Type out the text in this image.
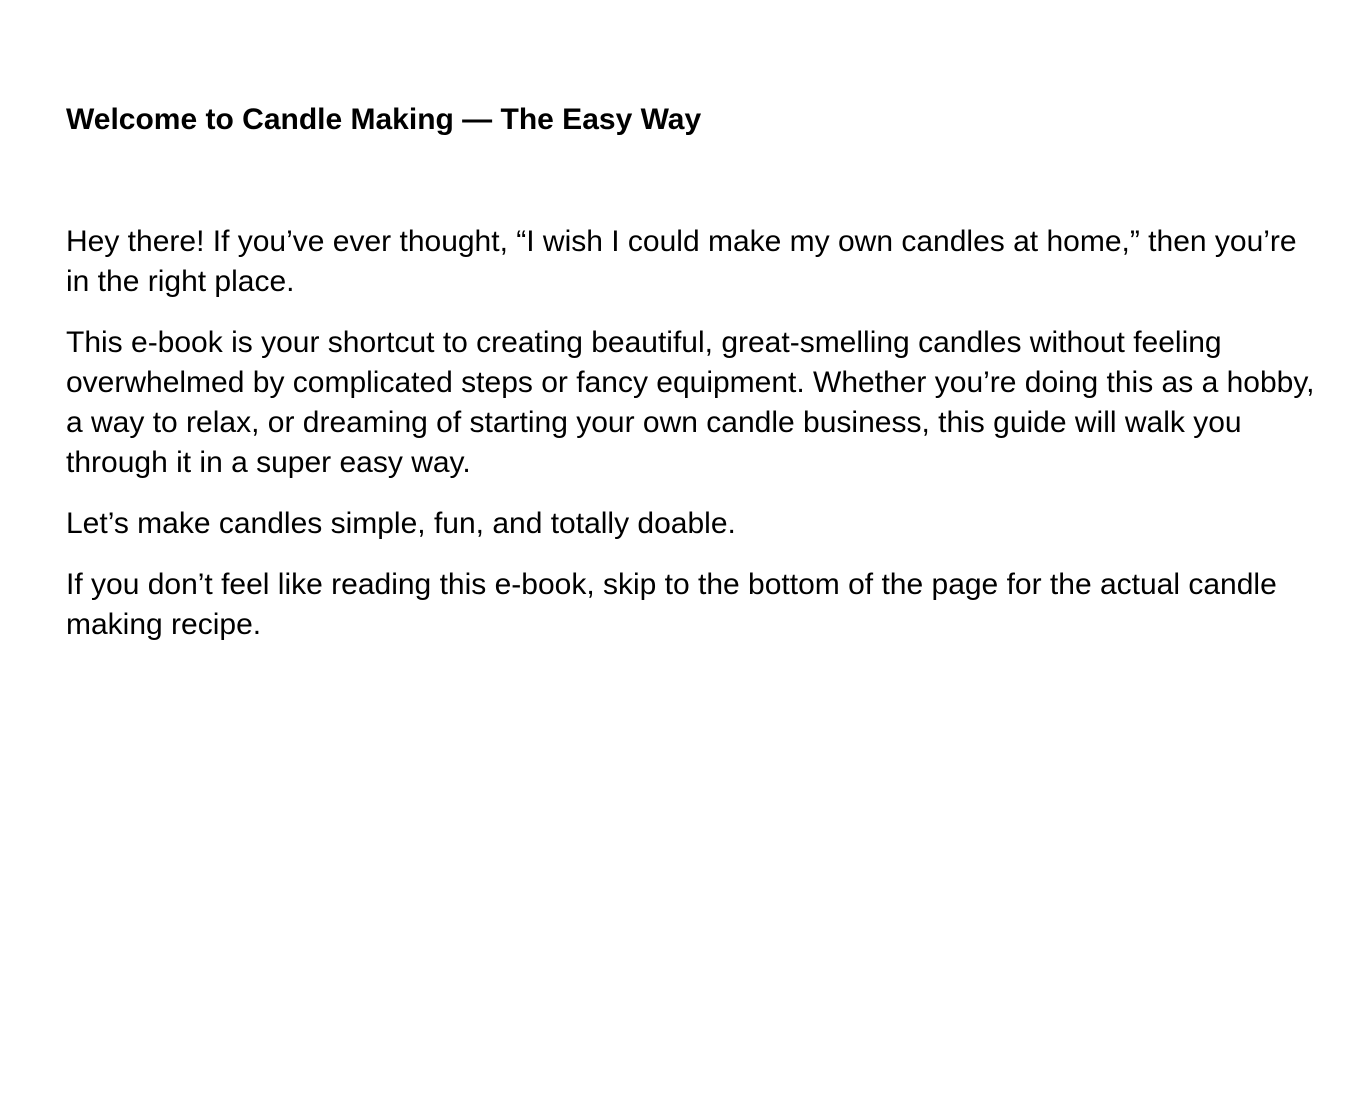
Welcome to Candle Making — The Easy Way

Hey there! If you’ve ever thought, “I wish I could make my own candles at home,” then you’re in the right place.

This e-book is your shortcut to creating beautiful, great-smelling candles without feeling overwhelmed by complicated steps or fancy equipment. Whether you’re doing this as a hobby, a way to relax, or dreaming of starting your own candle business, this guide will walk you through it in a super easy way.

Let’s make candles simple, fun, and totally doable.

If you don’t feel like reading this e-book, skip to the bottom of the page for the actual candle making recipe.
